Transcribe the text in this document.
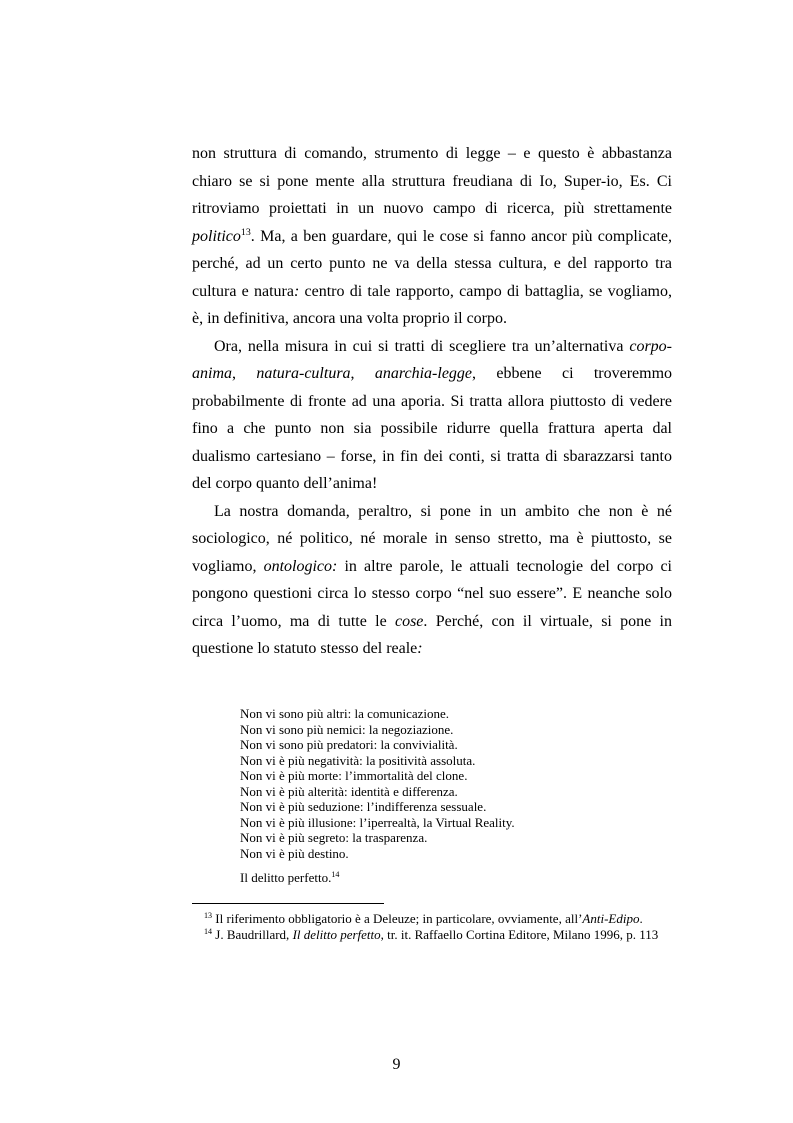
non struttura di comando, strumento di legge – e questo è abbastanza chiaro se si pone mente alla struttura freudiana di Io, Super-io, Es. Ci ritroviamo proiettati in un nuovo campo di ricerca, più strettamente politico$^{13}$. Ma, a ben guardare, qui le cose si fanno ancor più complicate, perché, ad un certo punto ne va della stessa cultura, e del rapporto tra cultura e natura: centro di tale rapporto, campo di battaglia, se vogliamo, è, in definitiva, ancora una volta proprio il corpo.

Ora, nella misura in cui si tratti di scegliere tra un’alternativa corpo-anima, natura-cultura, anarchia-legge, ebbene ci troveremmo probabilmente di fronte ad una aporia. Si tratta allora piuttosto di vedere fino a che punto non sia possibile ridurre quella frattura aperta dal dualismo cartesiano – forse, in fin dei conti, si tratta di sbarazzarsi tanto del corpo quanto dell’anima!

La nostra domanda, peraltro, si pone in un ambito che non è né sociologico, né politico, né morale in senso stretto, ma è piuttosto, se vogliamo, ontologico: in altre parole, le attuali tecnologie del corpo ci pongono questioni circa lo stesso corpo “nel suo essere”. E neanche solo circa l’uomo, ma di tutte le cose. Perché, con il virtuale, si pone in questione lo statuto stesso del reale:

Non vi sono più altri: la comunicazione.
Non vi sono più nemici: la negoziazione.
Non vi sono più predatori: la convivialità.
Non vi è più negatività: la positività assoluta.
Non vi è più morte: l’immortalità del clone.
Non vi è più alterità: identità e differenza.
Non vi è più seduzione: l’indifferenza sessuale.
Non vi è più illusione: l’iperrealtà, la Virtual Reality.
Non vi è più segreto: la trasparenza.
Non vi è più destino.
Il delitto perfetto.$^{14}$
$^{13}$ Il riferimento obbligatorio è a Deleuze; in particolare, ovviamente, all’Anti-Edipo.
$^{14}$ J. Baudrillard, Il delitto perfetto, tr. it. Raffaello Cortina Editore, Milano 1996, p. 113
9
